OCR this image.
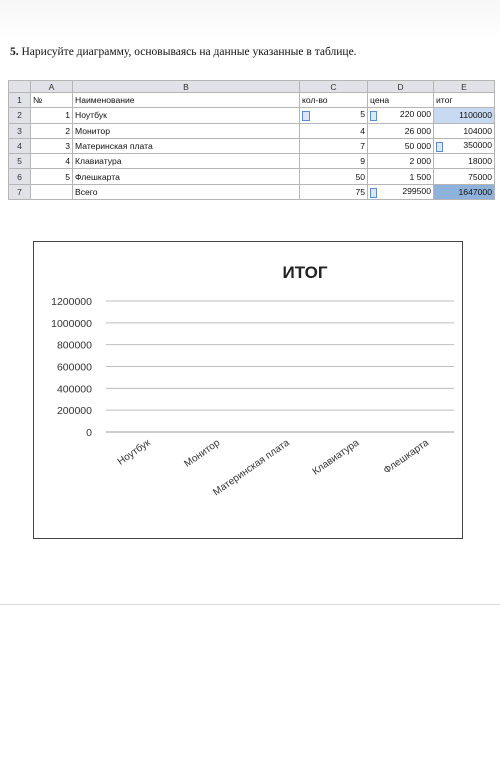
5. Нарисуйте диаграмму, основываясь на данные указанные в таблице.
	A	B	C	D	E
1	№	Наименование	кол-во	цена	итог
2	1	Ноутбук	5	220 000	1100000
3	2	Монитор	4	26 000	104000
4	3	Материнская плата	7	50 000	350000
5	4	Клавиатура	9	2 000	18000
6	5	Флешкарта	50	1 500	75000
7		Всего	75	299500	1647000
ИТОГ
1200000
1000000
800000
600000
400000
200000
0
Ноутбук	Монитор
Материнская плата Клавиатура Флешкарта
